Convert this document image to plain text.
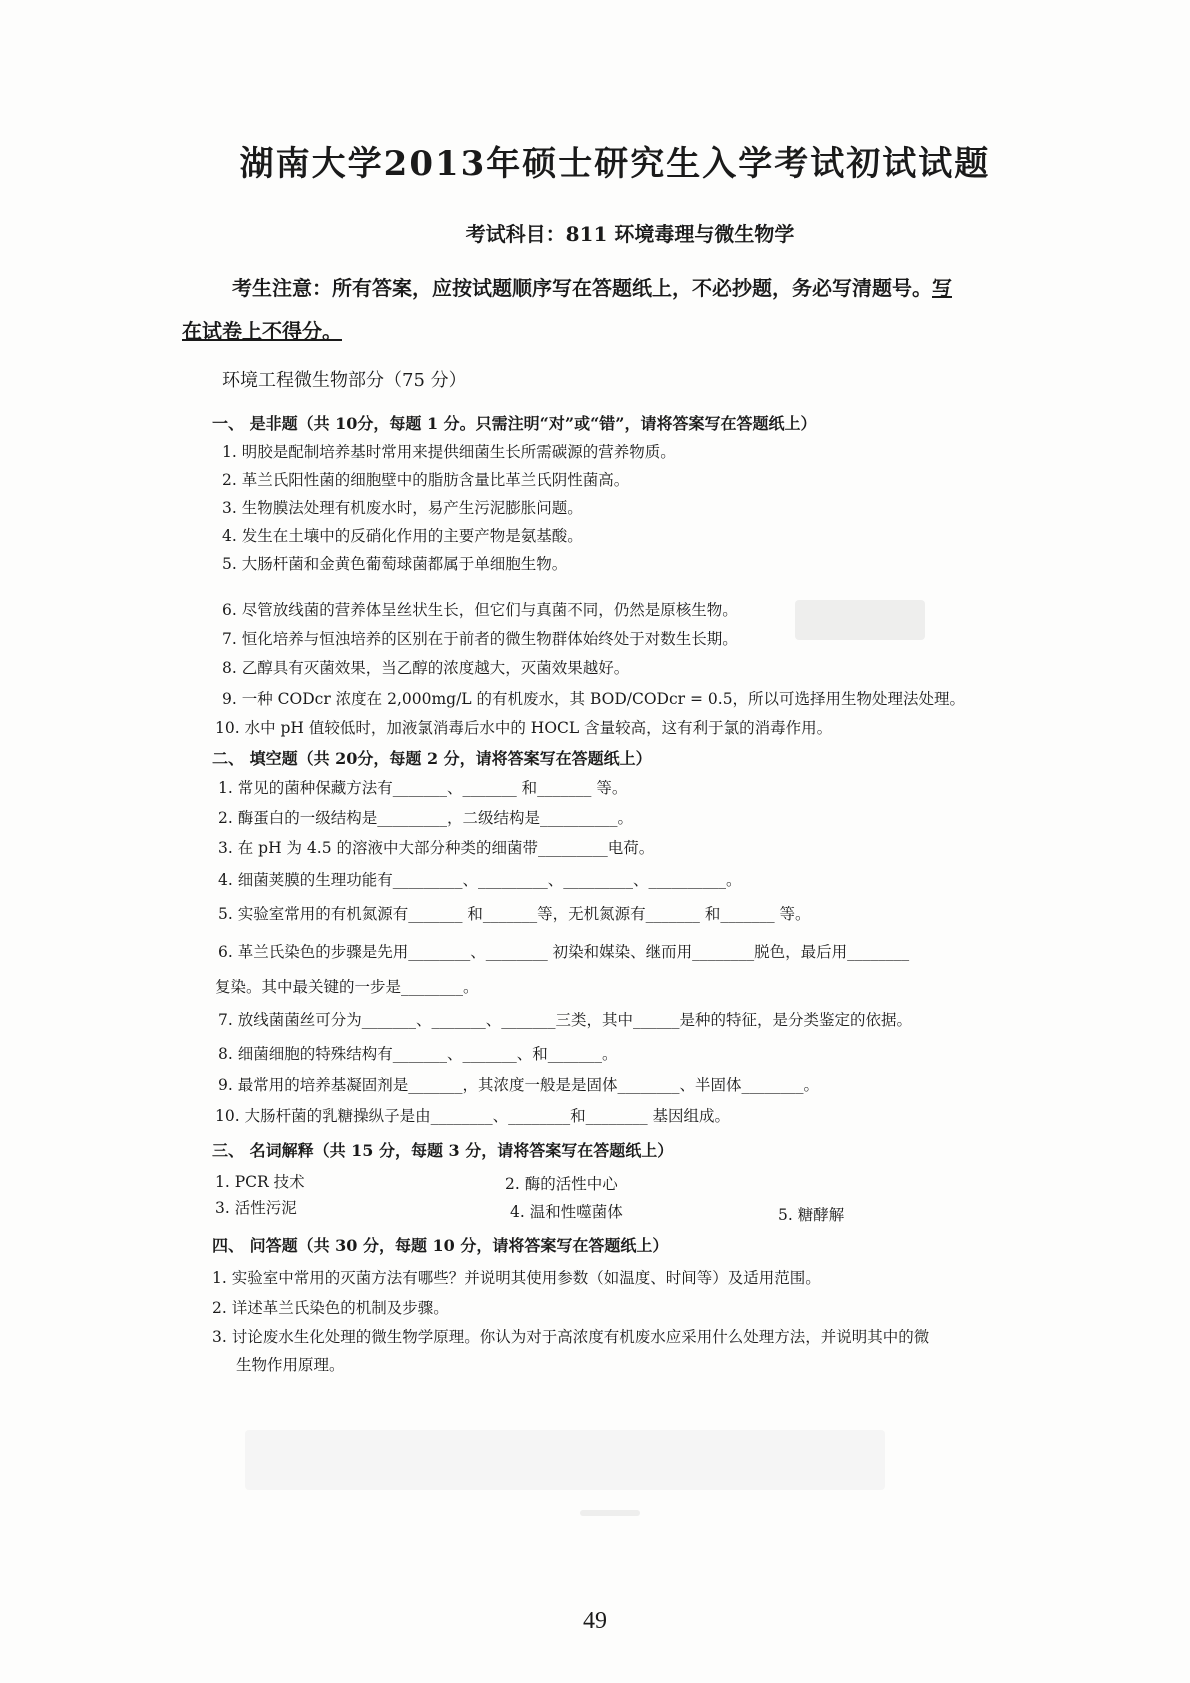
湖南大学2013年硕士研究生入学考试初试试题
考试科目：811 环境毒理与微生物学
考生注意：所有答案，应按试题顺序写在答题纸上，不必抄题，务必写清题号。写
在试卷上不得分。
环境工程微生物部分（75 分）
一、 是非题（共 10分，每题 1 分。只需注明“对”或“错”，请将答案写在答题纸上）
1. 明胶是配制培养基时常用来提供细菌生长所需碳源的营养物质。
2. 革兰氏阳性菌的细胞壁中的脂肪含量比革兰氏阴性菌高。
3. 生物膜法处理有机废水时，易产生污泥膨胀问题。
4. 发生在土壤中的反硝化作用的主要产物是氨基酸。
5. 大肠杆菌和金黄色葡萄球菌都属于单细胞生物。
6. 尽管放线菌的营养体呈丝状生长，但它们与真菌不同，仍然是原核生物。
7. 恒化培养与恒浊培养的区别在于前者的微生物群体始终处于对数生长期。
8. 乙醇具有灭菌效果，当乙醇的浓度越大，灭菌效果越好。
9. 一种 CODcr 浓度在 2,000mg/L 的有机废水，其 BOD/CODcr = 0.5，所以可选择用生物处理法处理。
10. 水中 pH 值较低时，加液氯消毒后水中的 HOCL 含量较高，这有利于氯的消毒作用。
二、 填空题（共 20分，每题 2 分，请将答案写在答题纸上）
1. 常见的菌种保藏方法有_______、_______ 和_______ 等。
2. 酶蛋白的一级结构是_________，二级结构是__________。
3. 在 pH 为 4.5 的溶液中大部分种类的细菌带_________电荷。
4. 细菌荚膜的生理功能有_________、_________、_________、__________。
5. 实验室常用的有机氮源有_______ 和_______等，无机氮源有_______ 和_______ 等。
6. 革兰氏染色的步骤是先用________、________ 初染和媒染、继而用________脱色，最后用________
复染。其中最关键的一步是________。
7. 放线菌菌丝可分为_______、_______、_______三类，其中______是种的特征，是分类鉴定的依据。
8. 细菌细胞的特殊结构有_______、_______、和_______。
9. 最常用的培养基凝固剂是_______，其浓度一般是是固体________、半固体________。
10. 大肠杆菌的乳糖操纵子是由________、________和________ 基因组成。
三、 名词解释（共 15 分，每题 3 分，请将答案写在答题纸上）
1. PCR 技术	2. 酶的活性中心
3. 活性污泥	4. 温和性噬菌体	5. 糖酵解
四、 问答题（共 30 分，每题 10 分，请将答案写在答题纸上）
1. 实验室中常用的灭菌方法有哪些？并说明其使用参数（如温度、时间等）及适用范围。
2. 详述革兰氏染色的机制及步骤。
3. 讨论废水生化处理的微生物学原理。你认为对于高浓度有机废水应采用什么处理方法，并说明其中的微
生物作用原理。
49
